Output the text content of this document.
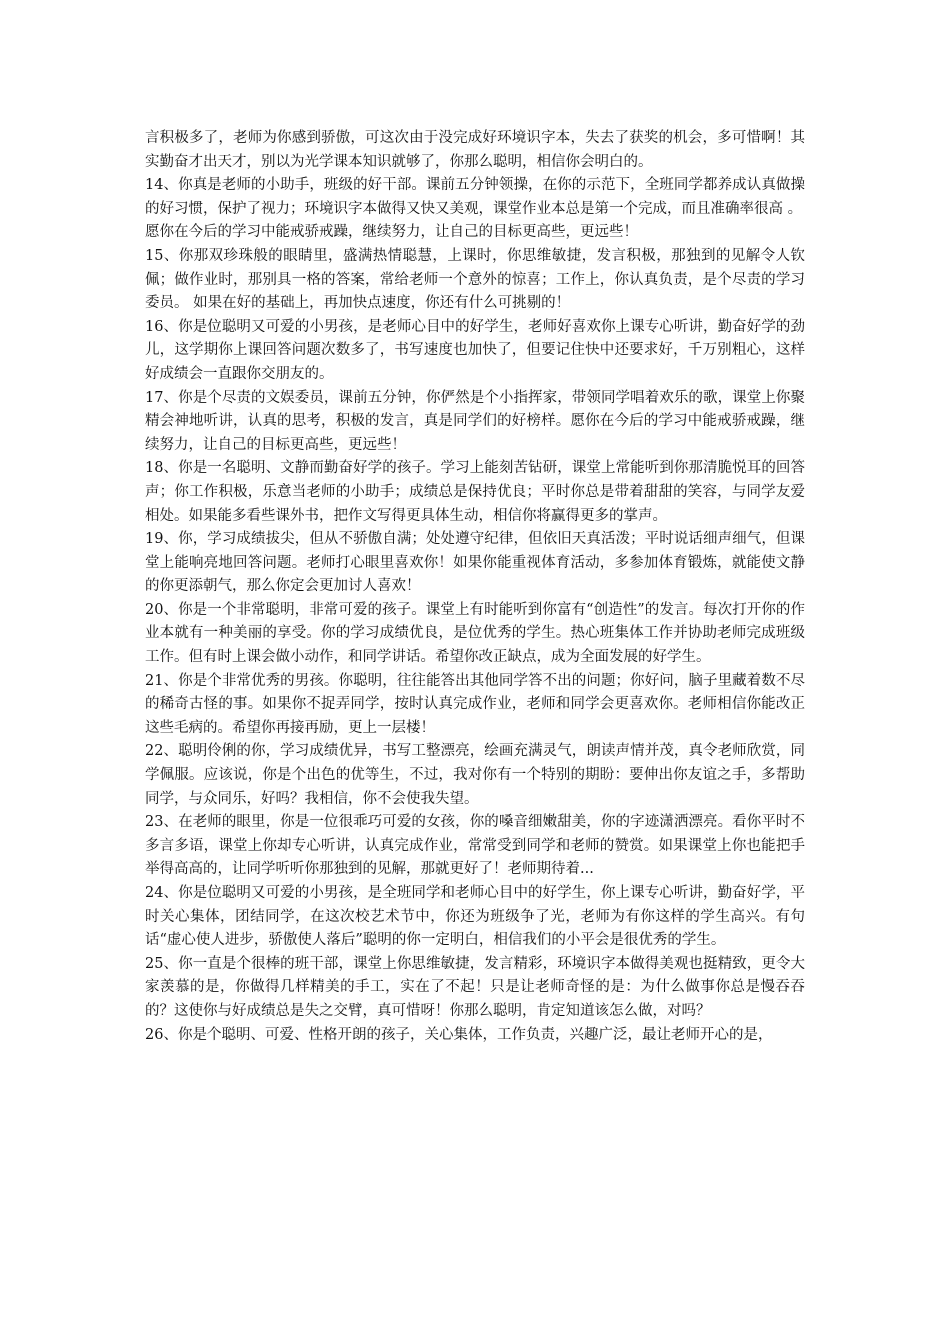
言积极多了，老师为你感到骄傲，可这次由于没完成好环境识字本，失去了获奖的机会，多可惜啊！其实勤奋才出天才，别以为光学课本知识就够了，你那么聪明，相信你会明白的。

14、你真是老师的小助手，班级的好干部。课前五分钟领操，在你的示范下，全班同学都养成认真做操的好习惯，保护了视力；环境识字本做得又快又美观，课堂作业本总是第一个完成，而且准确率很高 。

愿你在今后的学习中能戒骄戒躁，继续努力，让自己的目标更高些，更远些！

15、你那双珍珠般的眼睛里，盛满热情聪慧，上课时，你思维敏捷，发言积极，那独到的见解令人钦佩；做作业时，那别具一格的答案，常给老师一个意外的惊喜；工作上，你认真负责，是个尽责的学习委员。 如果在好的基础上，再加快点速度，你还有什么可挑剔的！

16、你是位聪明又可爱的小男孩，是老师心目中的好学生，老师好喜欢你上课专心听讲，勤奋好学的劲儿，这学期你上课回答问题次数多了，书写速度也加快了，但要记住快中还要求好，千万别粗心，这样好成绩会一直跟你交朋友的。

17、你是个尽责的文娱委员，课前五分钟，你俨然是个小指挥家，带领同学唱着欢乐的歌，课堂上你聚精会神地听讲，认真的思考，积极的发言，真是同学们的好榜样。愿你在今后的学习中能戒骄戒躁，继续努力，让自己的目标更高些，更远些！

18、你是一名聪明、文静而勤奋好学的孩子。学习上能刻苦钻研，课堂上常能听到你那清脆悦耳的回答声；你工作积极，乐意当老师的小助手；成绩总是保持优良；平时你总是带着甜甜的笑容，与同学友爱相处。如果能多看些课外书，把作文写得更具体生动，相信你将赢得更多的掌声。

19、你，学习成绩拔尖，但从不骄傲自满；处处遵守纪律，但依旧天真活泼；平时说话细声细气，但课堂上能响亮地回答问题。老师打心眼里喜欢你！如果你能重视体育活动，多参加体育锻炼，就能使文静的你更添朝气，那么你定会更加讨人喜欢！

20、你是一个非常聪明，非常可爱的孩子。课堂上有时能听到你富有“创造性”的发言。每次打开你的作业本就有一种美丽的享受。你的学习成绩优良，是位优秀的学生。热心班集体工作并协助老师完成班级工作。但有时上课会做小动作，和同学讲话。希望你改正缺点，成为全面发展的好学生。

21、你是个非常优秀的男孩。你聪明，往往能答出其他同学答不出的问题；你好问，脑子里藏着数不尽的稀奇古怪的事。如果你不捉弄同学，按时认真完成作业，老师和同学会更喜欢你。老师相信你能改正这些毛病的。希望你再接再励，更上一层楼！

22、聪明伶俐的你，学习成绩优异，书写工整漂亮，绘画充满灵气，朗读声情并茂，真令老师欣赏，同学佩服。应该说，你是个出色的优等生，不过，我对你有一个特别的期盼：要伸出你友谊之手，多帮助同学，与众同乐，好吗？我相信，你不会使我失望。

23、在老师的眼里，你是一位很乖巧可爱的女孩，你的嗓音细嫩甜美，你的字迹潇洒漂亮。看你平时不多言多语，课堂上你却专心听讲，认真完成作业，常常受到同学和老师的赞赏。如果课堂上你也能把手举得高高的，让同学听听你那独到的见解，那就更好了！老师期待着...

24、你是位聪明又可爱的小男孩，是全班同学和老师心目中的好学生，你上课专心听讲，勤奋好学，平时关心集体，团结同学，在这次校艺术节中，你还为班级争了光，老师为有你这样的学生高兴。有句话“虚心使人进步，骄傲使人落后”聪明的你一定明白，相信我们的小平会是很优秀的学生。

25、你一直是个很棒的班干部，课堂上你思维敏捷，发言精彩，环境识字本做得美观也挺精致，更令大家羡慕的是，你做得几样精美的手工，实在了不起！只是让老师奇怪的是：为什么做事你总是慢吞吞的？这使你与好成绩总是失之交臂，真可惜呀！你那么聪明，肯定知道该怎么做，对吗？

26、你是个聪明、可爱、性格开朗的孩子，关心集体，工作负责，兴趣广泛，最让老师开心的是，
